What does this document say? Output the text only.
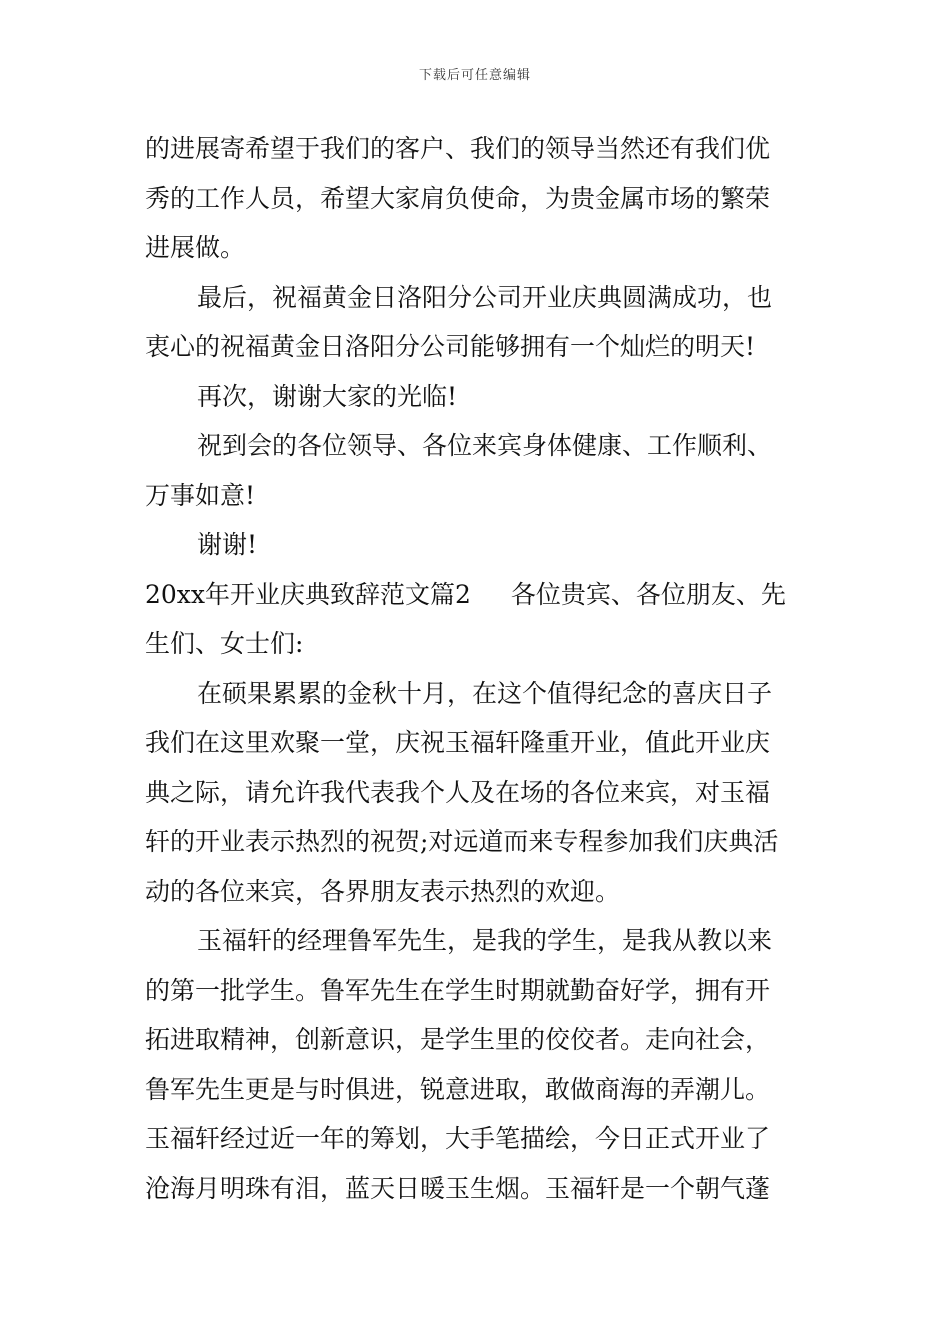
下载后可任意编辑
的进展寄希望于我们的客户、我们的领导当然还有我们优
秀的工作人员，希望大家肩负使命，为贵金属市场的繁荣
进展做。
最后，祝福黄金日洛阳分公司开业庆典圆满成功，也
衷心的祝福黄金日洛阳分公司能够拥有一个灿烂的明天!
再次，谢谢大家的光临!
祝到会的各位领导、各位来宾身体健康、工作顺利、
万事如意!
谢谢!
20xx年开业庆典致辞范文篇2 各位贵宾、各位朋友、先
生们、女士们:
在硕果累累的金秋十月，在这个值得纪念的喜庆日子
我们在这里欢聚一堂，庆祝玉福轩隆重开业，值此开业庆
典之际，请允许我代表我个人及在场的各位来宾，对玉福
轩的开业表示热烈的祝贺;对远道而来专程参加我们庆典活
动的各位来宾，各界朋友表示热烈的欢迎。
玉福轩的经理鲁军先生，是我的学生，是我从教以来
的第一批学生。鲁军先生在学生时期就勤奋好学，拥有开
拓进取精神，创新意识，是学生里的佼佼者。走向社会，
鲁军先生更是与时俱进，锐意进取，敢做商海的弄潮儿。
玉福轩经过近一年的筹划，大手笔描绘，今日正式开业了
沧海月明珠有泪，蓝天日暖玉生烟。玉福轩是一个朝气蓬
